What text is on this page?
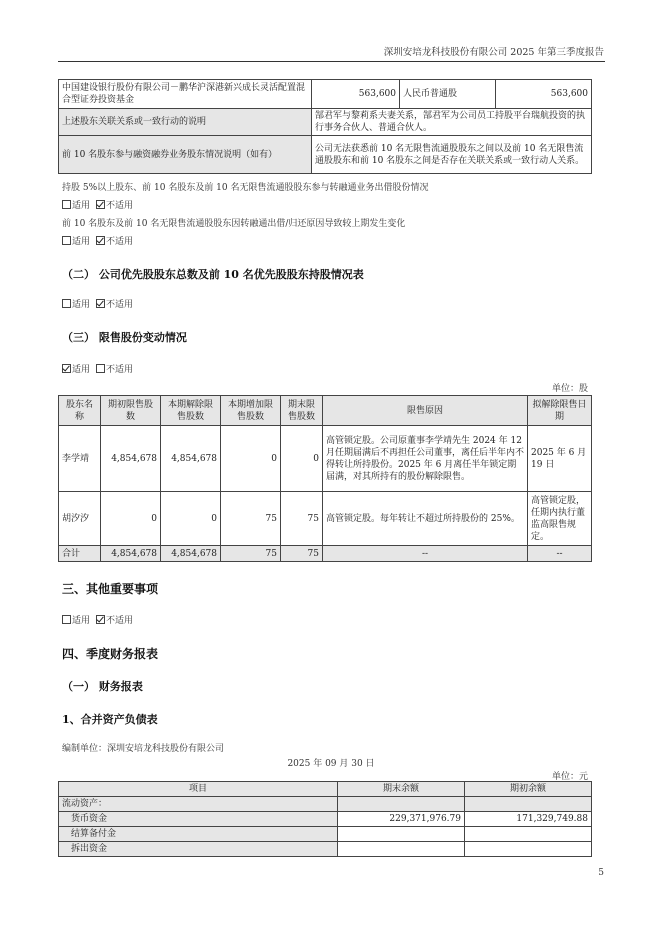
深圳安培龙科技股份有限公司 2025 年第三季度报告
中国建设银行股份有限公司－鹏华沪深港新兴成长灵活配置混合型证券投资基金	563,600	人民币普通股	563,600
上述股东关联关系或一致行动的说明	郜君军与黎莉系夫妻关系，郜君军为公司员工持股平台瑞航投资的执行事务合伙人、普通合伙人。		
前 10 名股东参与融资融券业务股东情况说明（如有）	公司无法获悉前 10 名无限售流通股股东之间以及前 10 名无限售流通股股东和前 10 名股东之间是否存在关联关系或一致行动人关系。		
持股 5%以上股东、前 10 名股东及前 10 名无限售流通股股东参与转融通业务出借股份情况
适用 不适用
前 10 名股东及前 10 名无限售流通股股东因转融通出借/归还原因导致较上期发生变化
适用 不适用
（二） 公司优先股股东总数及前 10 名优先股股东持股情况表
适用 不适用
（三） 限售股份变动情况
适用 不适用
单位：股
股东名称	期初限售股数	本期解除限售股数	本期增加限售股数	期末限售股数	限售原因	拟解除限售日期
李学靖	4,854,678	4,854,678	0	0	高管锁定股。公司原董事李学靖先生 2024 年 12 月任期届满后不再担任公司董事，离任后半年内不得转让所持股份。2025 年 6 月离任半年锁定期届满，对其所持有的股份解除限售。	2025 年 6 月 19 日
胡汐汐	0	0	75	75	高管锁定股。每年转让不超过所持股份的 25%。	高管锁定股，任期内执行董监高限售规定。
合计	4,854,678	4,854,678	75	75	--	--
三、其他重要事项
适用 不适用
四、季度财务报表
（一） 财务报表
1、合并资产负债表
编制单位：深圳安培龙科技股份有限公司
2025 年 09 月 30 日
单位：元
项目	期末余额	期初余额
流动资产：		
货币资金	229,371,976.79	171,329,749.88
结算备付金		
拆出资金		
5
